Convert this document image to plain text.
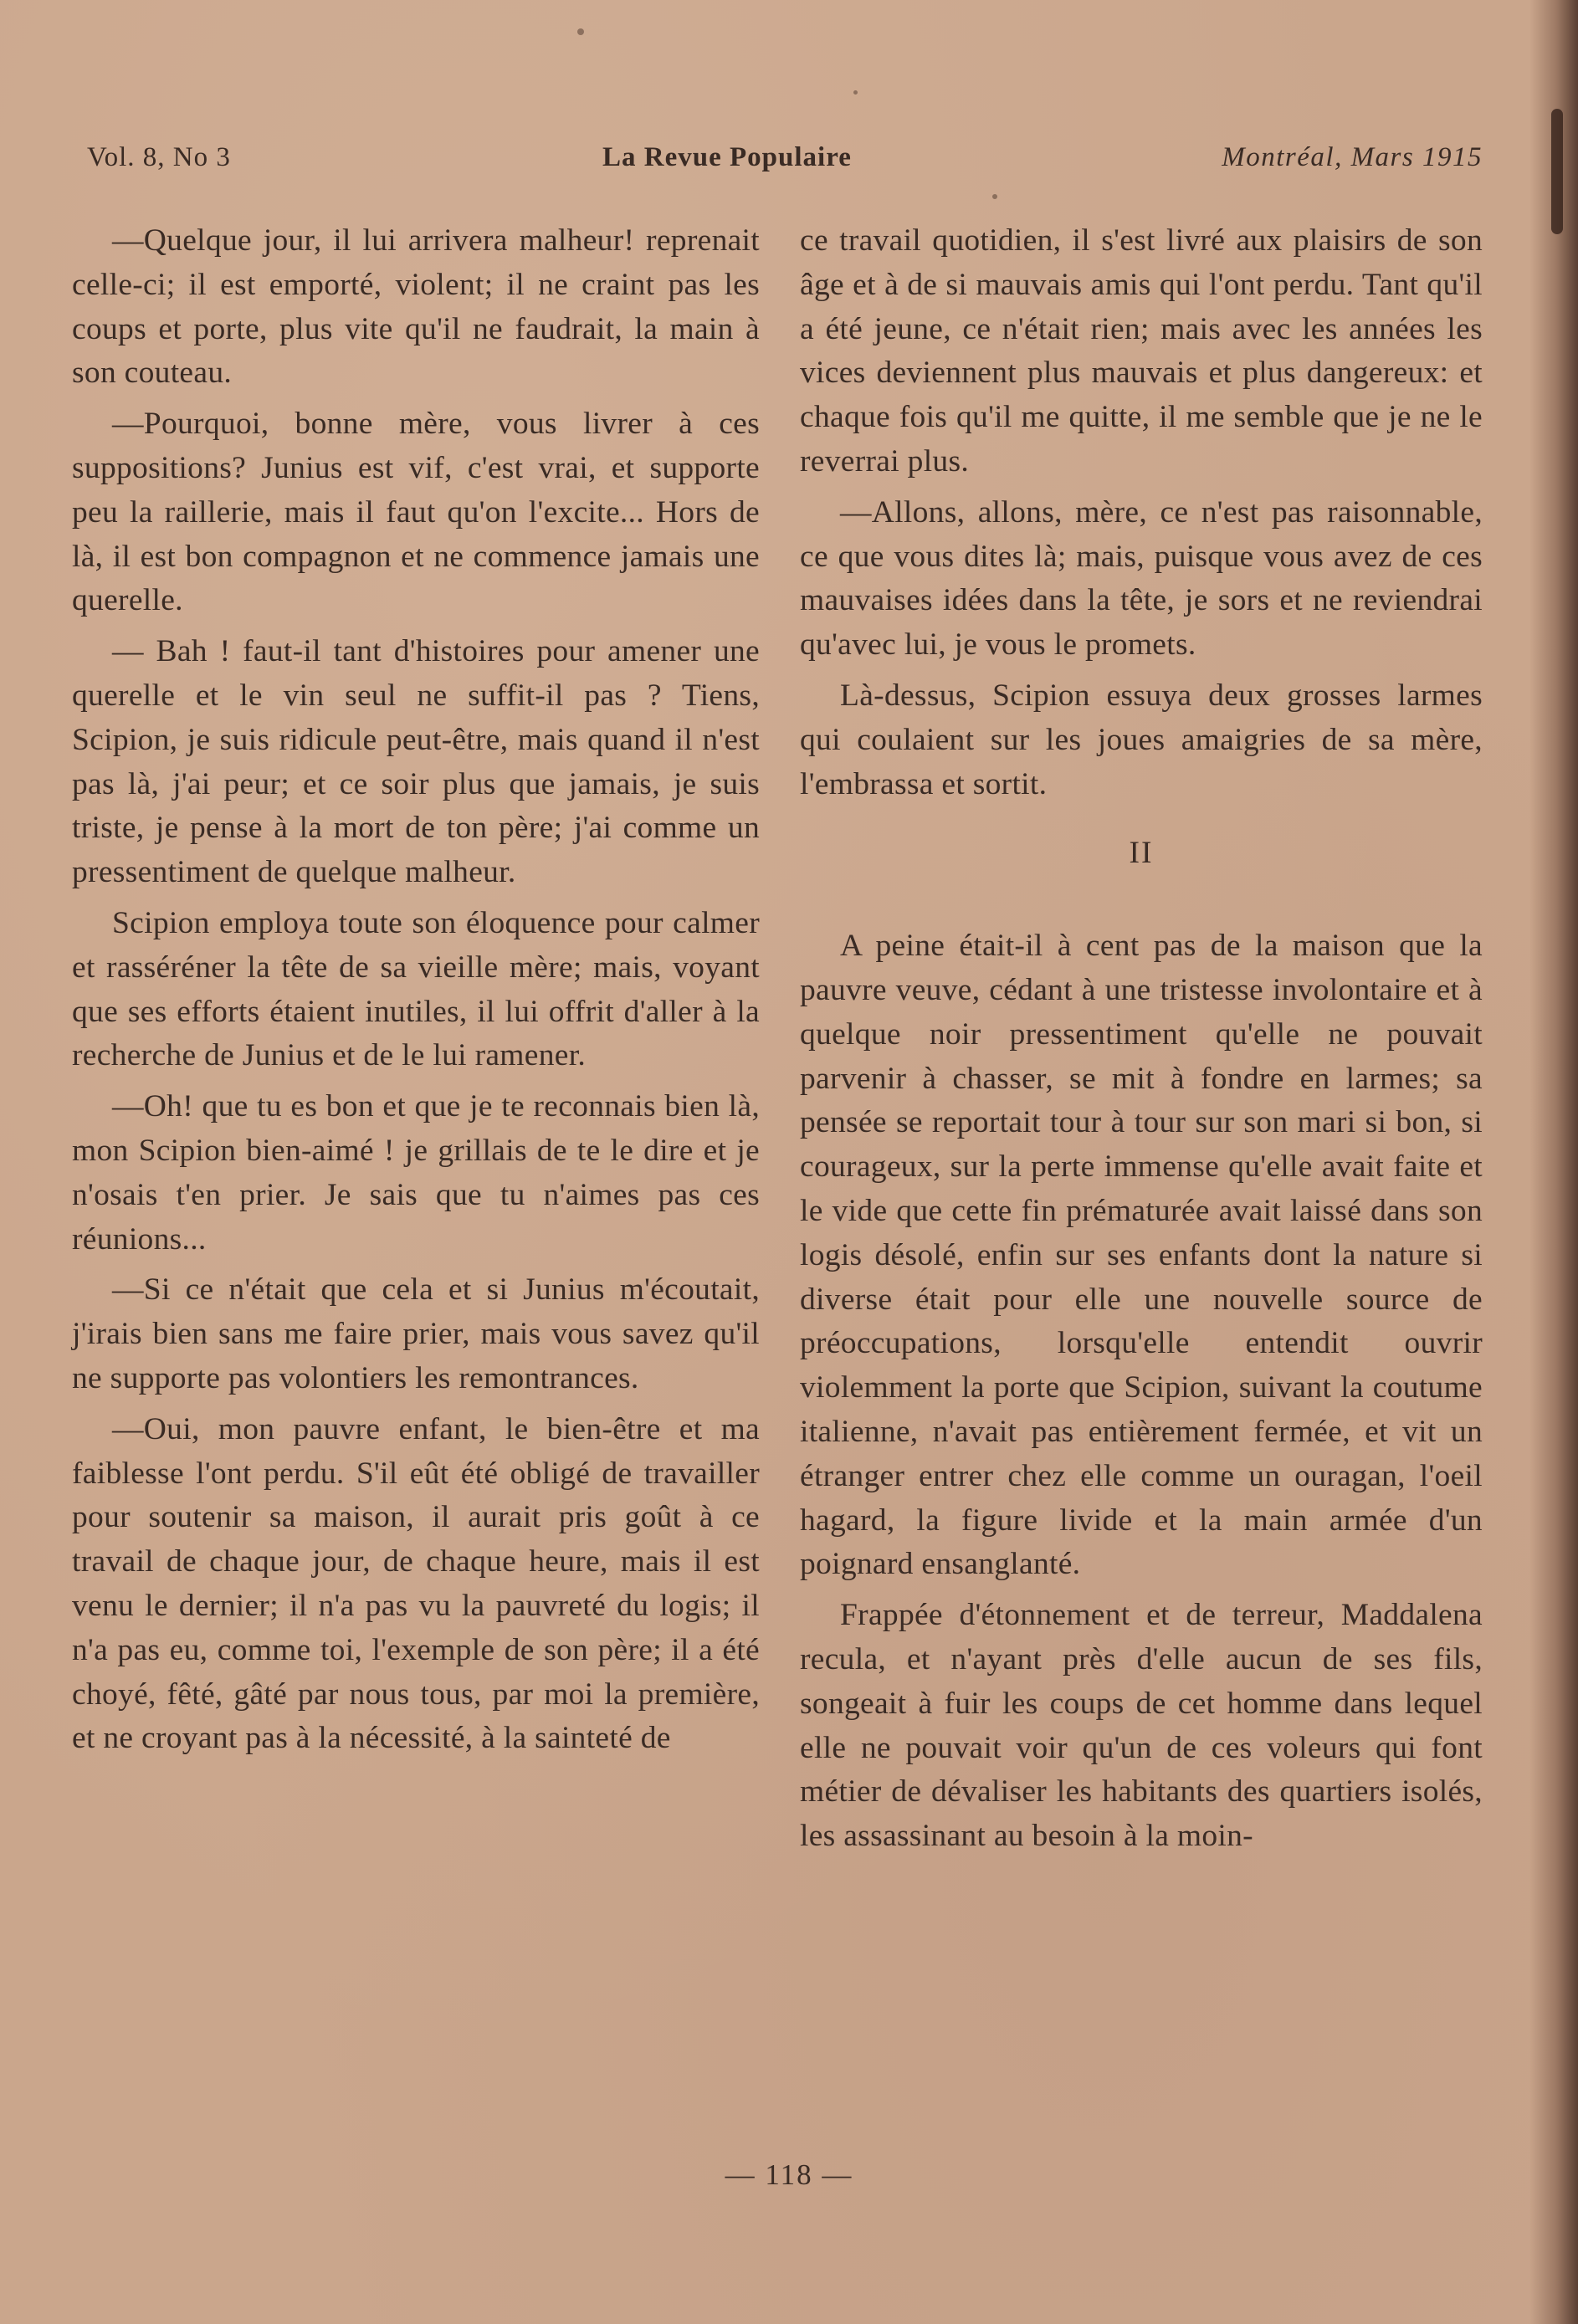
Vol. 8, No 3	La Revue Populaire	Montréal, Mars 1915

—Quelque jour, il lui arrivera malheur! reprenait celle-ci; il est emporté, violent; il ne craint pas les coups et porte, plus vite qu'il ne faudrait, la main à son couteau.

—Pourquoi, bonne mère, vous livrer à ces suppositions? Junius est vif, c'est vrai, et supporte peu la raillerie, mais il faut qu'on l'excite... Hors de là, il est bon compagnon et ne commence jamais une querelle.

— Bah ! faut-il tant d'histoires pour amener une querelle et le vin seul ne suffit-il pas ? Tiens, Scipion, je suis ridicule peut-être, mais quand il n'est pas là, j'ai peur; et ce soir plus que jamais, je suis triste, je pense à la mort de ton père; j'ai comme un pressentiment de quelque malheur.

Scipion employa toute son éloquence pour calmer et rasséréner la tête de sa vieille mère; mais, voyant que ses efforts étaient inutiles, il lui offrit d'aller à la recherche de Junius et de le lui ramener.

—Oh! que tu es bon et que je te reconnais bien là, mon Scipion bien-aimé ! je grillais de te le dire et je n'osais t'en prier. Je sais que tu n'aimes pas ces réunions...

—Si ce n'était que cela et si Junius m'écoutait, j'irais bien sans me faire prier, mais vous savez qu'il ne supporte pas volontiers les remontrances.

—Oui, mon pauvre enfant, le bien-être et ma faiblesse l'ont perdu. S'il eût été obligé de travailler pour soutenir sa maison, il aurait pris goût à ce travail de chaque jour, de chaque heure, mais il est venu le dernier; il n'a pas vu la pauvreté du logis; il n'a pas eu, comme toi, l'exemple de son père; il a été choyé, fêté, gâté par nous tous, par moi la première, et ne croyant pas à la nécessité, à la sainteté de

ce travail quotidien, il s'est livré aux plaisirs de son âge et à de si mauvais amis qui l'ont perdu. Tant qu'il a été jeune, ce n'était rien; mais avec les années les vices deviennent plus mauvais et plus dangereux: et chaque fois qu'il me quitte, il me semble que je ne le reverrai plus.

—Allons, allons, mère, ce n'est pas raisonnable, ce que vous dites là; mais, puisque vous avez de ces mauvaises idées dans la tête, je sors et ne reviendrai qu'avec lui, je vous le promets.

Là-dessus, Scipion essuya deux grosses larmes qui coulaient sur les joues amaigries de sa mère, l'embrassa et sortit.

II

A peine était-il à cent pas de la maison que la pauvre veuve, cédant à une tristesse involontaire et à quelque noir pressentiment qu'elle ne pouvait parvenir à chasser, se mit à fondre en larmes; sa pensée se reportait tour à tour sur son mari si bon, si courageux, sur la perte immense qu'elle avait faite et le vide que cette fin prématurée avait laissé dans son logis désolé, enfin sur ses enfants dont la nature si diverse était pour elle une nouvelle source de préoccupations, lorsqu'elle entendit ouvrir violemment la porte que Scipion, suivant la coutume italienne, n'avait pas entièrement fermée, et vit un étranger entrer chez elle comme un ouragan, l'oeil hagard, la figure livide et la main armée d'un poignard ensanglanté.

Frappée d'étonnement et de terreur, Maddalena recula, et n'ayant près d'elle aucun de ses fils, songeait à fuir les coups de cet homme dans lequel elle ne pouvait voir qu'un de ces voleurs qui font métier de dévaliser les habitants des quartiers isolés, les assassinant au besoin à la moin-

— 118 —
